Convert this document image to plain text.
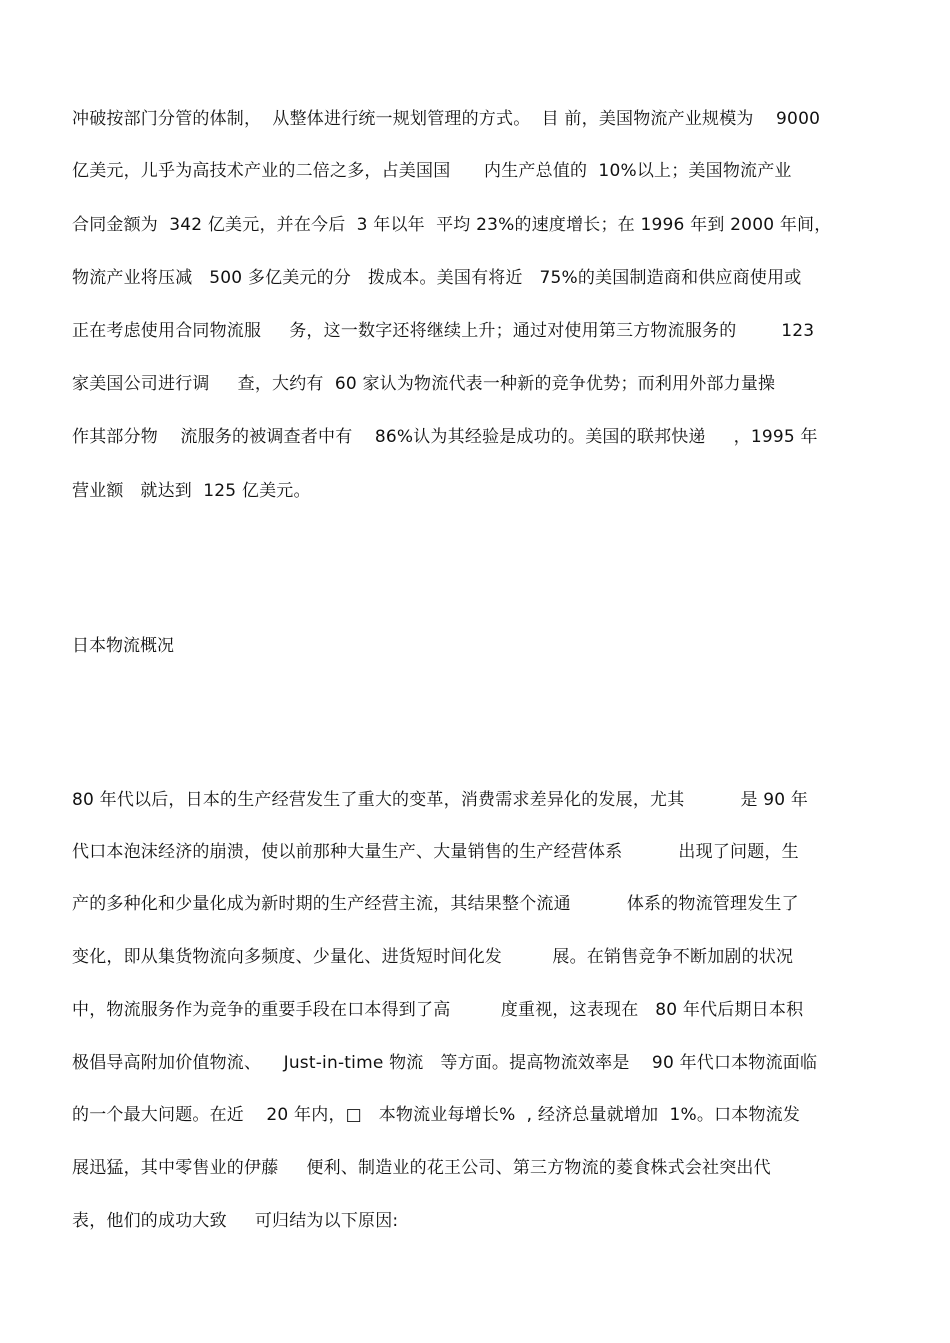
冲破按部门分管的体制，  从整体进行统一规划管理的方式。  目 前，美国物流产业规模为    9000
亿美元，儿乎为高技术产业的二倍之多，占美国国      内生产总值的  10%以上；美国物流产业
合同金额为  342 亿美元，并在今后  3 年以年  平均 23%的速度增长；在 1996 年到 2000 年间，
物流产业将压减   500 多亿美元的分   拨成本。美国有将近   75%的美国制造商和供应商使用或
正在考虑使用合同物流服     务，这一数字还将继续上升；通过对使用第三方物流服务的        123
家美国公司进行调     查，大约有  60 家认为物流代表一种新的竞争优势；而利用外部力量操
作其部分物    流服务的被调查者中有    86%认为其经验是成功的。美国的联邦快递     ，1995 年
营业额   就达到  125 亿美元。
日本物流概况
80 年代以后，日本的生产经营发生了重大的变革，消费需求差异化的发展，尤其          是 90 年
代口本泡沫经济的崩溃，使以前那种大量生产、大量销售的生产经营体系          出现了问题，生
产的多种化和少量化成为新时期的生产经营主流，其结果整个流通          体系的物流管理发生了
变化，即从集货物流向多频度、少量化、进货短时间化发         展。在销售竞争不断加剧的状况
中，物流服务作为竞争的重要手段在口本得到了高         度重视，这表现在   80 年代后期日本积
极倡导高附加价值物流、    Just-in-time 物流   等方面。提高物流效率是    90 年代口本物流面临
的一个最大问题。在近    20 年内，□   本物流业每增长%  , 经济总量就增加  1%。口本物流发
展迅猛，其中零售业的伊藤     便利、制造业的花王公司、第三方物流的菱食株式会社突出代
表，他们的成功大致     可归结为以下原因:
